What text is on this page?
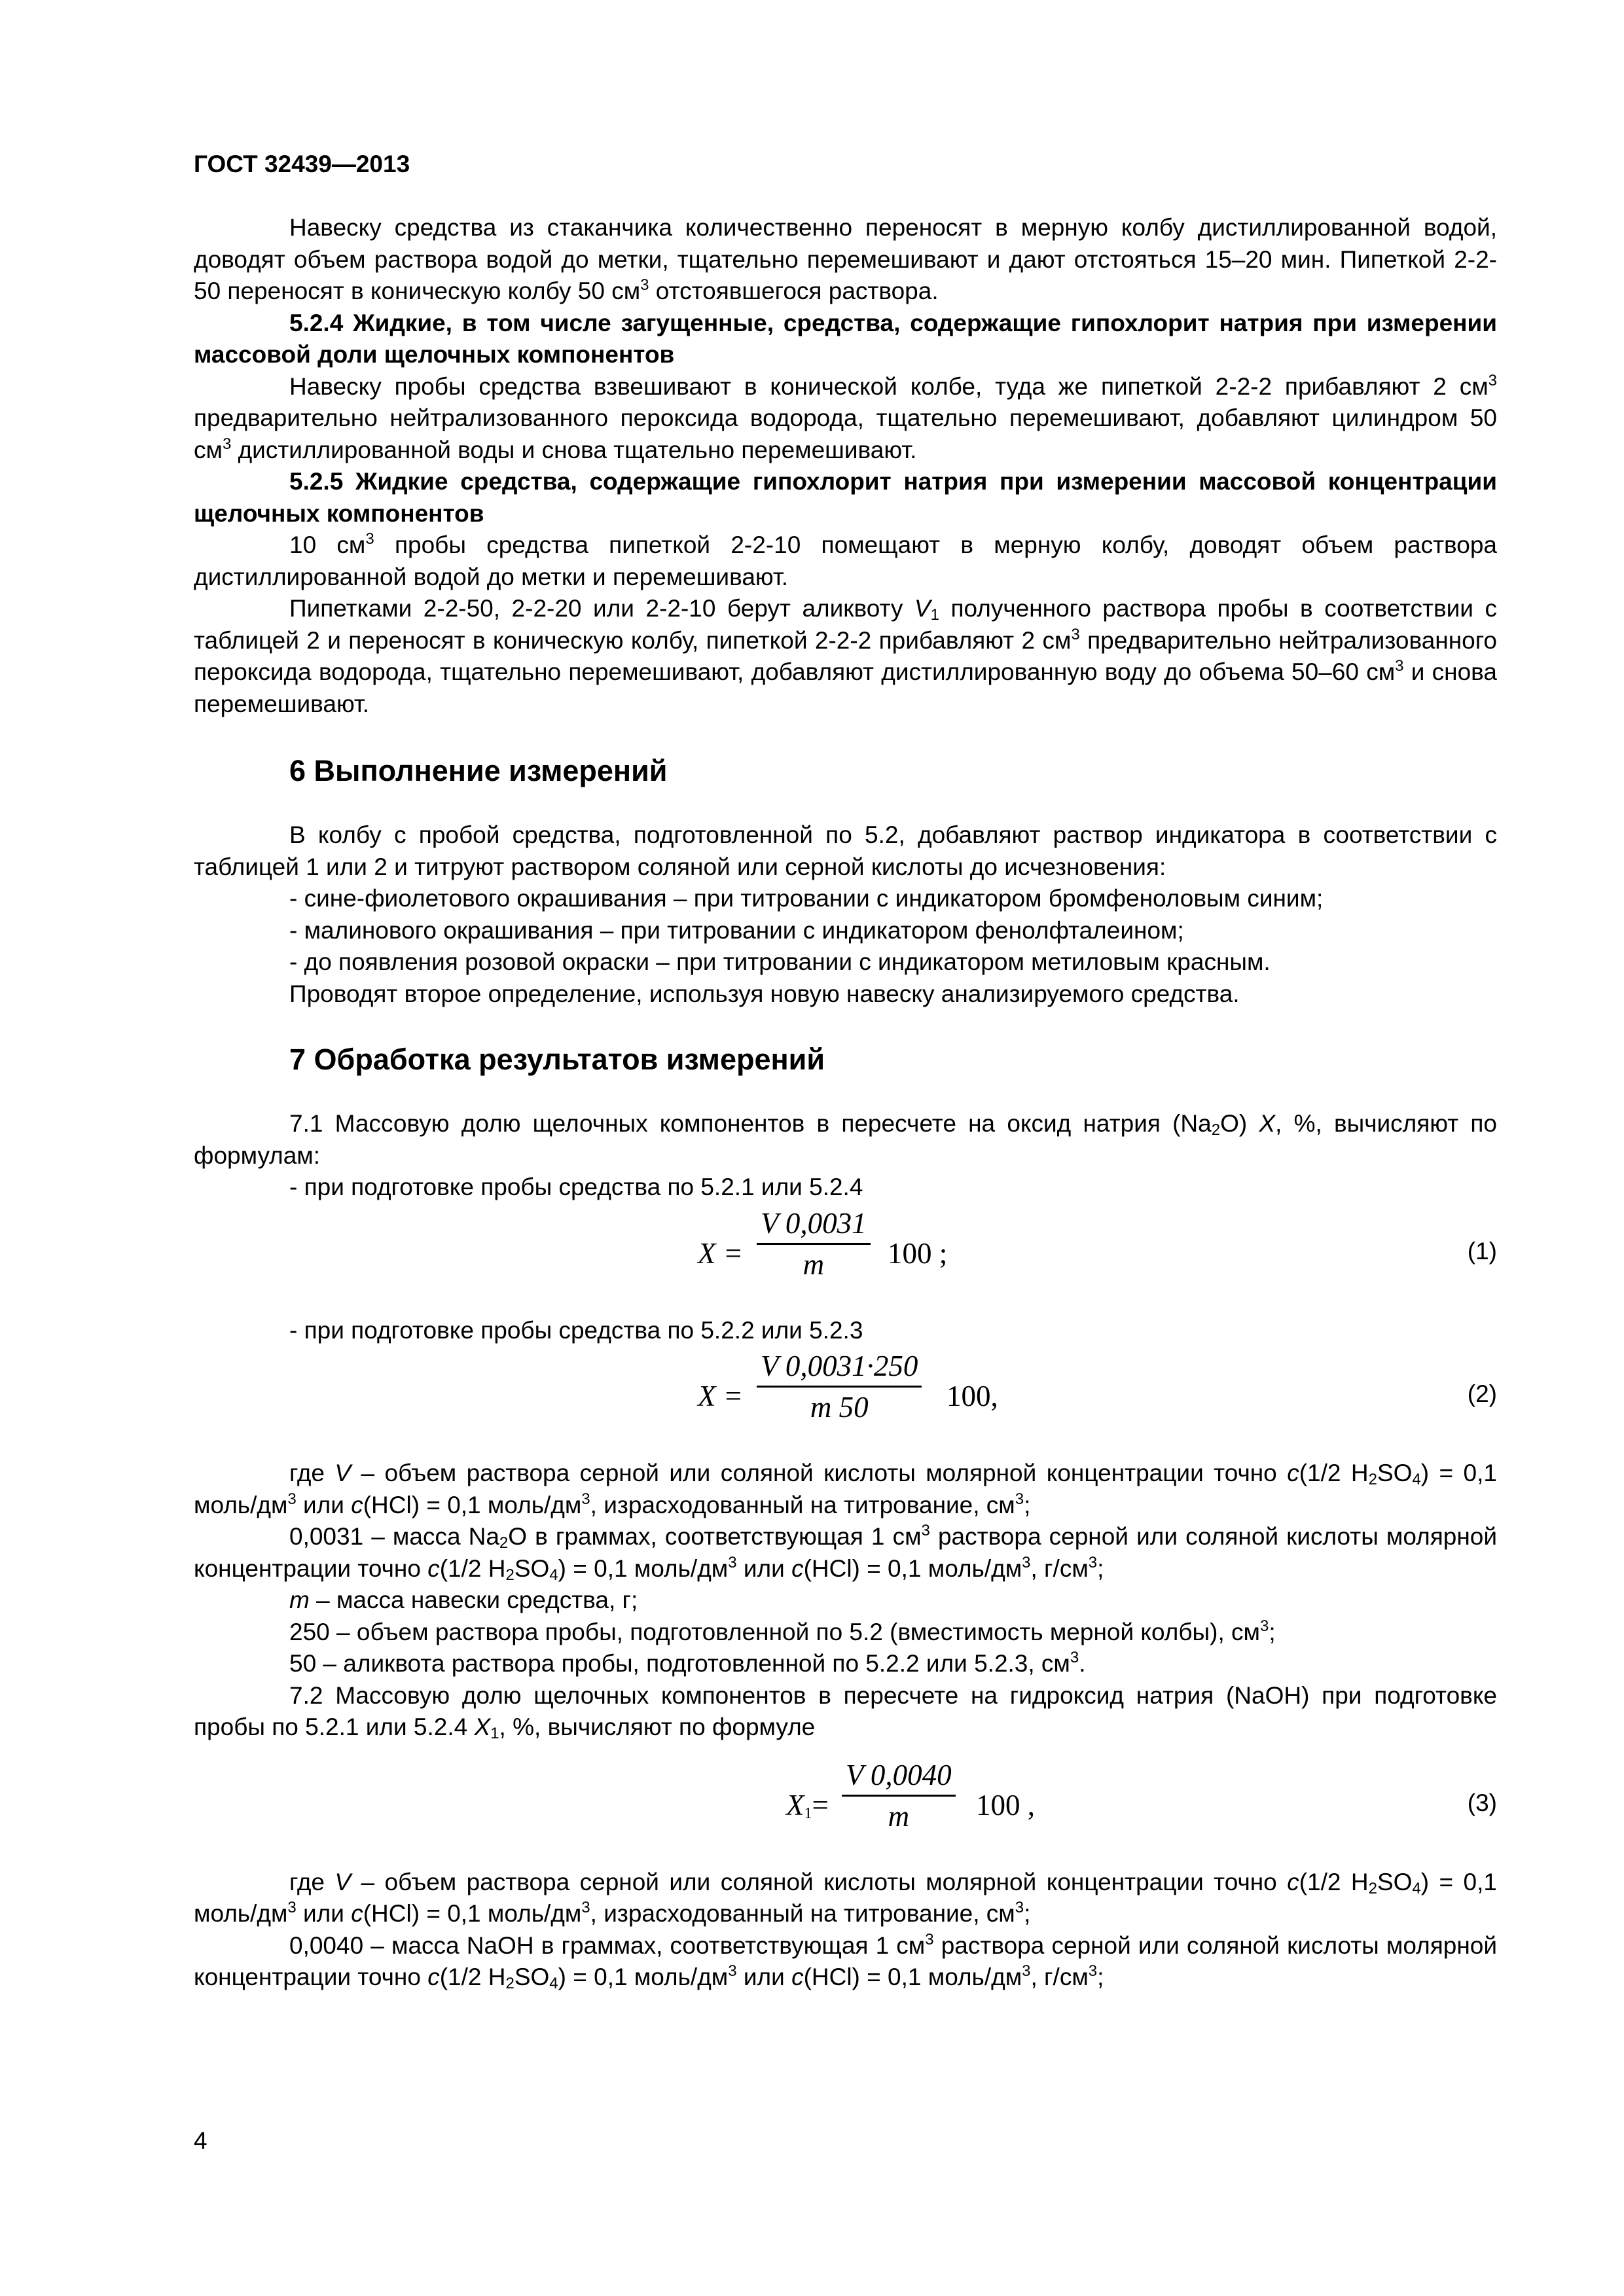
ГОСТ 32439—2013

Навеску средства из стаканчика количественно переносят в мерную колбу дистиллированной водой, доводят объем раствора водой до метки, тщательно перемешивают и дают отстояться 15–20 мин. Пипеткой 2-2-50 переносят в коническую колбу 50 $см^3$ отстоявшегося раствора.

5.2.4 Жидкие, в том числе загущенные, средства, содержащие гипохлорит натрия при измерении массовой доли щелочных компонентов

Навеску пробы средства взвешивают в конической колбе, туда же пипеткой 2-2-2 прибавляют 2 $см^3$ предварительно нейтрализованного пероксида водорода, тщательно перемешивают, добавляют цилиндром 50 $см^3$ дистиллированной воды и снова тщательно перемешивают.

5.2.5 Жидкие средства, содержащие гипохлорит натрия при измерении массовой концентрации щелочных компонентов

10 $см^3$ пробы средства пипеткой 2-2-10 помещают в мерную колбу, доводят объем раствора дистиллированной водой до метки и перемешивают.

Пипетками 2-2-50, 2-2-20 или 2-2-10 берут аликвоту $V_1$ полученного раствора пробы в соответствии с таблицей 2 и переносят в коническую колбу, пипеткой 2-2-2 прибавляют 2 $см^3$ предварительно нейтрализованного пероксида водорода, тщательно перемешивают, добавляют дистиллированную воду до объема 50–60 $см^3$ и снова перемешивают.

6 Выполнение измерений

В колбу с пробой средства, подготовленной по 5.2, добавляют раствор индикатора в соответствии с таблицей 1 или 2 и титруют раствором соляной или серной кислоты до исчезновения:

- сине-фиолетового окрашивания – при титровании с индикатором бромфеноловым синим;

- малинового окрашивания – при титровании с индикатором фенолфталеином;

- до появления розовой окраски – при титровании с индикатором метиловым красным.

Проводят второе определение, используя новую навеску анализируемого средства.

7 Обработка результатов измерений

7.1 Массовую долю щелочных компонентов в пересчете на оксид натрия $(Na_2O)$ X, %, вычисляют по формулам:

- при подготовке пробы средства по 5.2.1 или 5.2.4

$X = \frac{V 0,0031}{m} 100$ ;	(1)

- при подготовке пробы средства по 5.2.2 или 5.2.3

$X = \frac{V 0,0031\cdot 250}{m 50} 100$,	(2)

где V – объем раствора серной или соляной кислоты молярной концентрации точно c(1/2 $H_2SO_4) = 0,1$ моль/$дм^3$ или c(HCl) = 0,1 моль/$дм^3$, израсходованный на титрование, $см^3$;

0,0031 – масса $Na_2O$ в граммах, соответствующая 1 $см^3$ раствора серной или соляной кислоты молярной концентрации точно c(1/2 $H_2SO_4) = 0,1$ моль/$дм^3$ или c(HCl) = 0,1 моль/$дм^3$, $г/см^3$;

m – масса навески средства, г;

250 – объем раствора пробы, подготовленной по 5.2 (вместимость мерной колбы), $см^3$;

50 – аликвота раствора пробы, подготовленной по 5.2.2 или 5.2.3, $см^3$.

7.2 Массовую долю щелочных компонентов в пересчете на гидроксид натрия (NaOH) при подготовке пробы по 5.2.1 или 5.2.4 $X_1$, %, вычисляют по формуле

$X_1= \frac{V 0,0040}{m} 100$ ,	(3)

где V – объем раствора серной или соляной кислоты молярной концентрации точно c(1/2 $H_2SO_4) = 0,1$ моль/$дм^3$ или c(HCl) = 0,1 моль/$дм^3$, израсходованный на титрование, $см^3$;

0,0040 – масса NaOH в граммах, соответствующая 1 $см^3$ раствора серной или соляной кислоты молярной концентрации точно c(1/2 $H_2SO_4) = 0,1$ моль/$дм^3$ или c(HCl) = 0,1 моль/$дм^3$, $г/см^3$;

4
